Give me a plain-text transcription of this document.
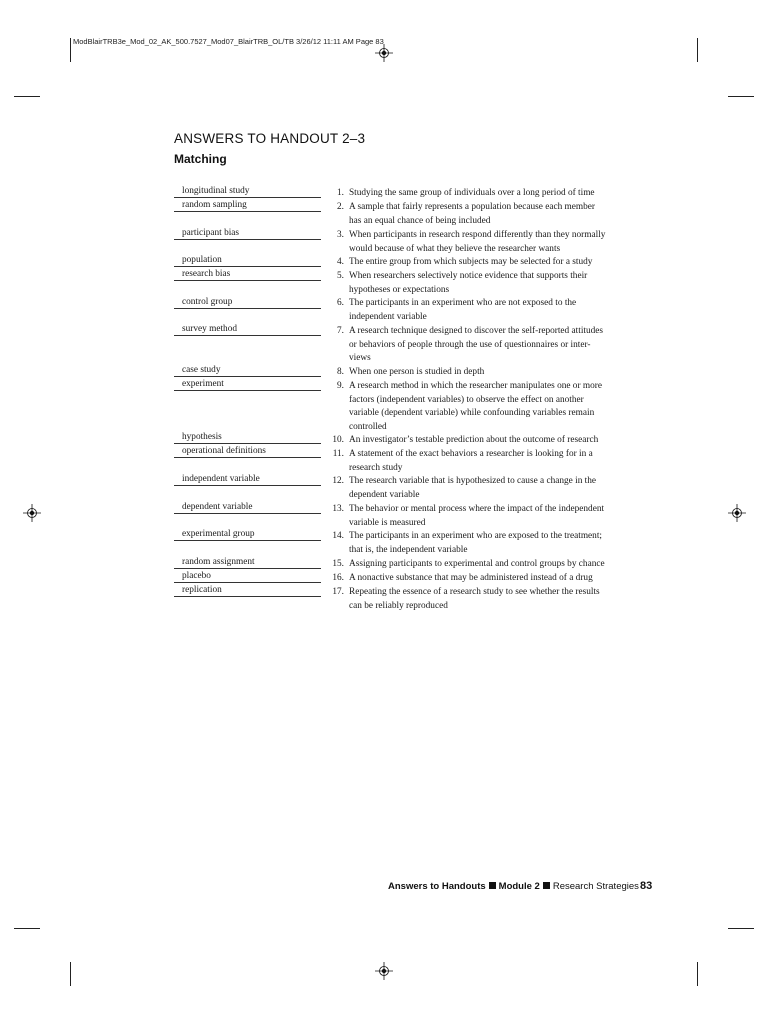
ModBlairTRB3e_Mod_02_AK_500.7527_Mod07_BlairTRB_OL/TB 3/26/12 11:11 AM Page 83
ANSWERS TO HANDOUT 2–3
Matching
longitudinal study
random sampling
participant bias
population
research bias
control group
survey method
case study
experiment
hypothesis
operational definitions
independent variable
dependent variable
experimental group
random assignment
placebo
replication
1. Studying the same group of individuals over a long period of time
2. A sample that fairly represents a population because each member
has an equal chance of being included
3. When participants in research respond differently than they normally
would because of what they believe the researcher wants
4. The entire group from which subjects may be selected for a study
5. When researchers selectively notice evidence that supports their
hypotheses or expectations
6. The participants in an experiment who are not exposed to the
independent variable
7. A research technique designed to discover the self-reported attitudes
or behaviors of people through the use of questionnaires or inter-
views
8. When one person is studied in depth
9. A research method in which the researcher manipulates one or more
factors (independent variables) to observe the effect on another
variable (dependent variable) while confounding variables remain
controlled
10. An investigator’s testable prediction about the outcome of research
11. A statement of the exact behaviors a researcher is looking for in a
research study
12. The research variable that is hypothesized to cause a change in the
dependent variable
13. The behavior or mental process where the impact of the independent
variable is measured
14. The participants in an experiment who are exposed to the treatment;
that is, the independent variable
15. Assigning participants to experimental and control groups by chance
16. A nonactive substance that may be administered instead of a drug
17. Repeating the essence of a research study to see whether the results
can be reliably reproduced
Answers to Handouts Module 2 Research Strategies 83
